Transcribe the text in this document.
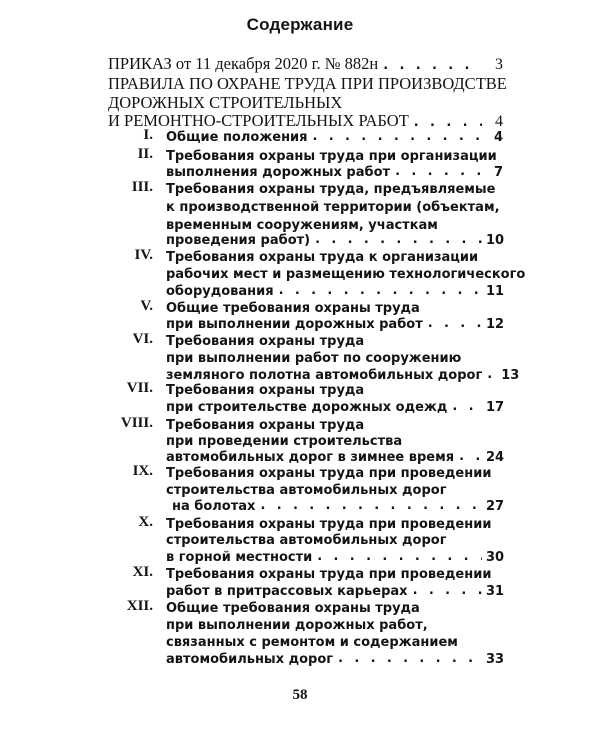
Содержание
ПРИКАЗ от 11 декабря 2020 г. № 882н . . .	3
ПРАВИЛА ПО ОХРАНЕ ТРУДА ПРИ ПРОИЗВОДСТВЕ
ДОРОЖНЫХ СТРОИТЕЛЬНЫХ
И РЕМОНТНО-СТРОИТЕЛЬНЫХ РАБОТ . . .	4
I. Общие положения . . .	4
II. Требования охраны труда при организации
выполнения дорожных работ . . .	7
III. Требования охраны труда, предъявляемые
к производственной территории (объектам,
временным сооружениям, участкам
проведения работ) . . .	10
IV. Требования охраны труда к организации
рабочих мест и размещению технологического
оборудования . . .	11
V. Общие требования охраны труда
при выполнении дорожных работ . . .	12
VI. Требования охраны труда
при выполнении работ по сооружению
земляного полотна автомобильных дорог . . . 13
VII. Требования охраны труда
при строительстве дорожных одежд . . .	17
VIII. Требования охраны труда
при проведении строительства
автомобильных дорог в зимнее время . . . 24
IX. Требования охраны труда при проведении
строительства автомобильных дорог
на болотах . . .	27
X. Требования охраны труда при проведении
строительства автомобильных дорог
в горной местности . . .	30
XI. Требования охраны труда при проведении
работ в притрассовых карьерах . . .	31
XII. Общие требования охраны труда
при выполнении дорожных работ,
связанных с ремонтом и содержанием
автомобильных дорог . . .	33
58
